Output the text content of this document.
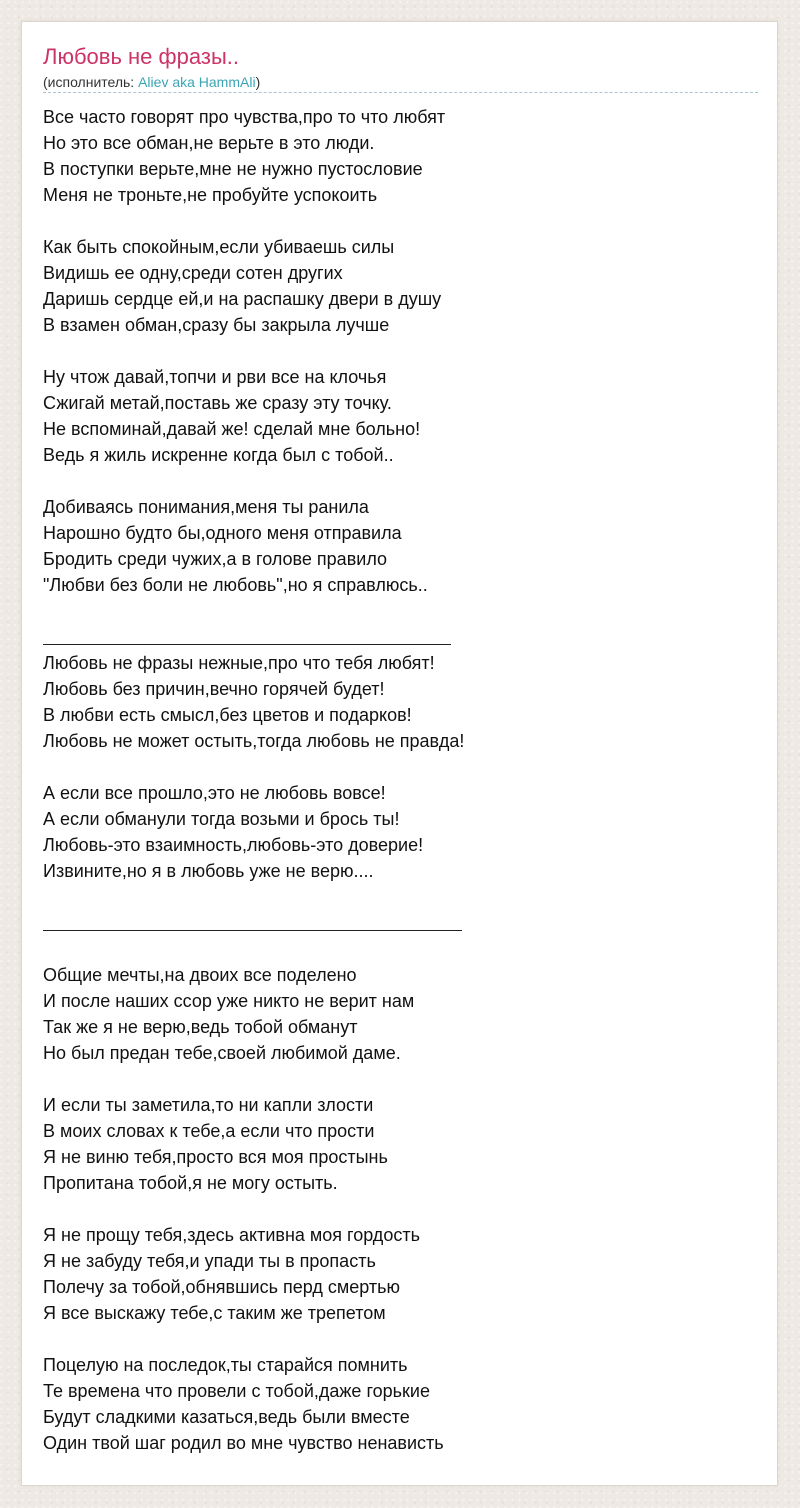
Любовь не фразы..
(исполнитель: Aliev aka HammAli)
Все часто говорят про чувства,про то что любят
Но это все обман,не верьте в это люди.
В поступки верьте,мне не нужно пустословие
Меня не троньте,не пробуйте успокоить
Как быть спокойным,если убиваешь силы
Видишь ее одну,среди сотен других
Даришь сердце ей,и на распашку двери в душу
В взамен обман,сразу бы закрыла лучше
Ну чтож давай,топчи и рви все на клочья
Сжигай метай,поставь же сразу эту точку.
Не вспоминай,давай же! сделай мне больно!
Ведь я жиль искренне когда был с тобой..
Добиваясь понимания,меня ты ранила
Нарошно будто бы,одного меня отправила
Бродить среди чужих,а в голове правило
"Любви без боли не любовь",но я справлюсь..
Любовь не фразы нежные,про что тебя любят!
Любовь без причин,вечно горячей будет!
В любви есть смысл,без цветов и подарков!
Любовь не может остыть,тогда любовь не правда!
А если все прошло,это не любовь вовсе!
А если обманули тогда возьми и брось ты!
Любовь-это взаимность,любовь-это доверие!
Извините,но я в любовь уже не верю....
Общие мечты,на двоих все поделено
И после наших ссор уже никто не верит нам
Так же я не верю,ведь тобой обманут
Но был предан тебе,своей любимой даме.
И если ты заметила,то ни капли злости
В моих словах к тебе,а если что прости
Я не виню тебя,просто вся моя простынь
Пропитана тобой,я не могу остыть.
Я не прощу тебя,здесь активна моя гордость
Я не забуду тебя,и упади ты в пропасть
Полечу за тобой,обнявшись перд смертью
Я все выскажу тебе,с таким же трепетом
Поцелую на последок,ты старайся помнить
Те времена что провели с тобой,даже горькие
Будут сладкими казаться,ведь были вместе
Один твой шаг родил во мне чувство ненависть
